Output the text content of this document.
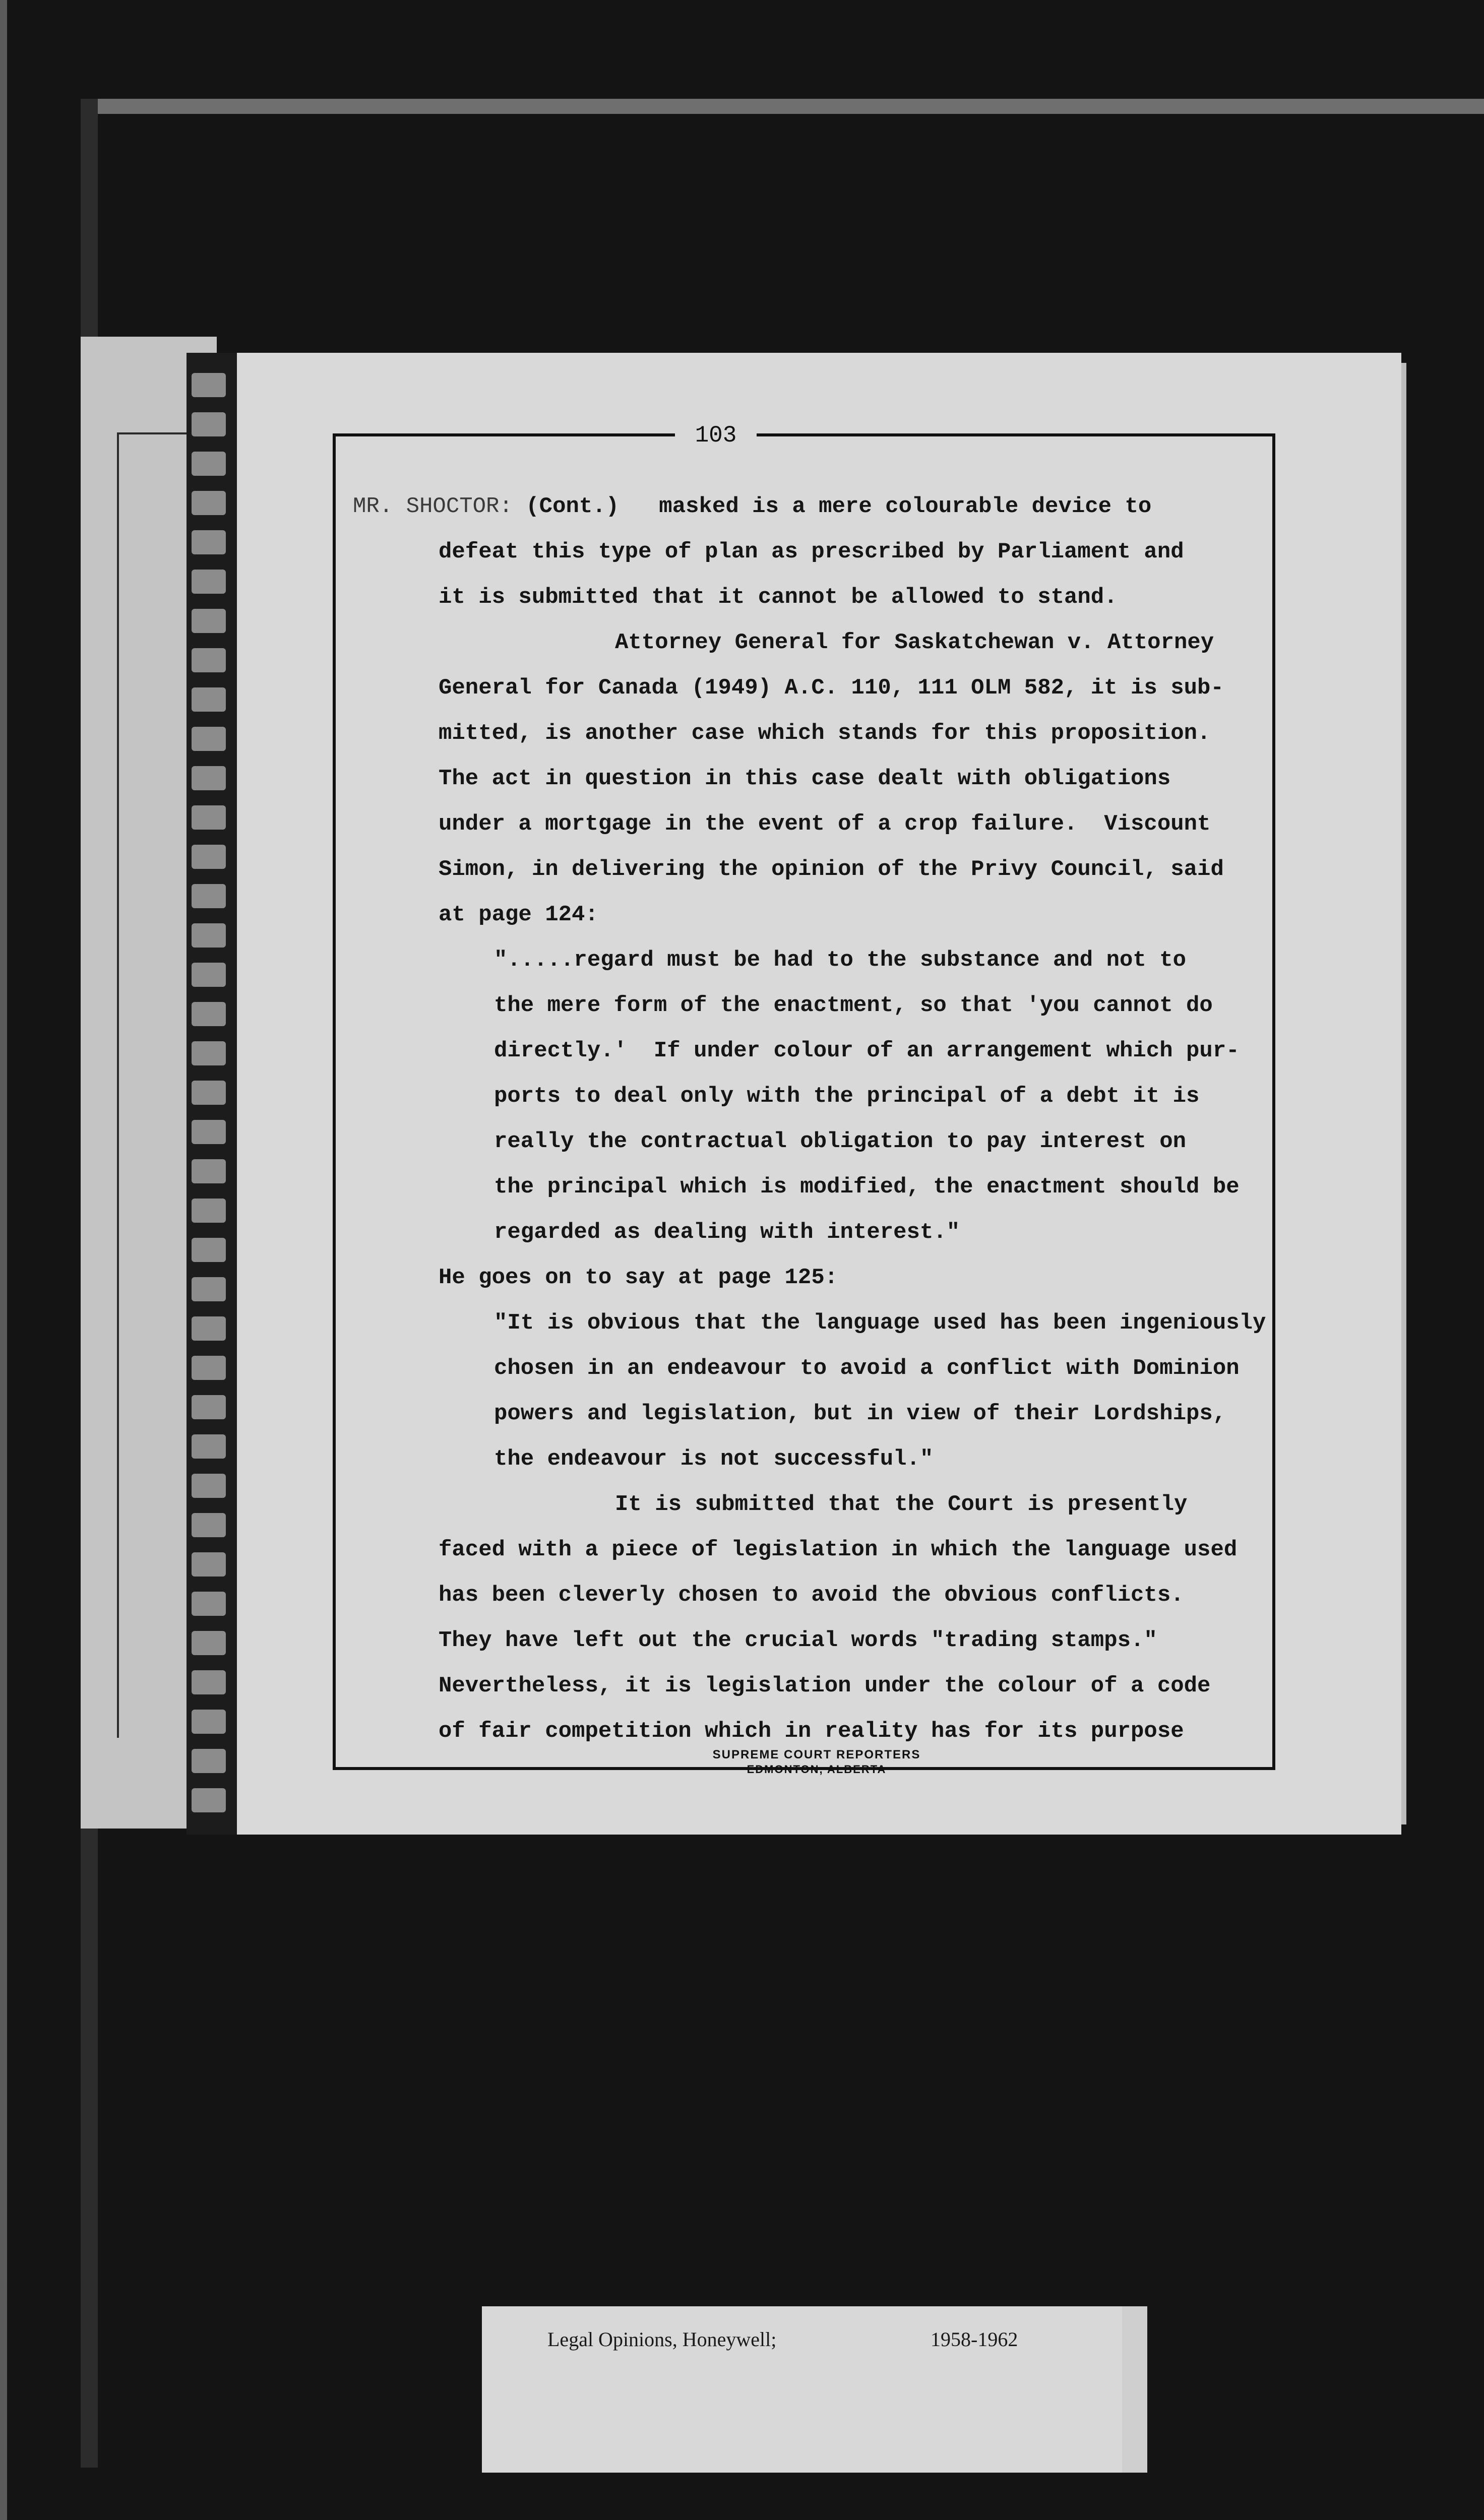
103
MR. SHOCTOR: (Cont.)   masked is a mere colourable device to
defeat this type of plan as prescribed by Parliament and
it is submitted that it cannot be allowed to stand.
Attorney General for Saskatchewan v. Attorney
General for Canada (1949) A.C. 110, 111 OLM 582, it is sub-
mitted, is another case which stands for this proposition.
The act in question in this case dealt with obligations
under a mortgage in the event of a crop failure.  Viscount
Simon, in delivering the opinion of the Privy Council, said
at page 124:
".....regard must be had to the substance and not to
the mere form of the enactment, so that 'you cannot do
directly.'  If under colour of an arrangement which pur-
ports to deal only with the principal of a debt it is
really the contractual obligation to pay interest on
the principal which is modified, the enactment should be
regarded as dealing with interest."
He goes on to say at page 125:
"It is obvious that the language used has been ingeniously
chosen in an endeavour to avoid a conflict with Dominion
powers and legislation, but in view of their Lordships,
the endeavour is not successful."
It is submitted that the Court is presently
faced with a piece of legislation in which the language used
has been cleverly chosen to avoid the obvious conflicts.
They have left out the crucial words "trading stamps."
Nevertheless, it is legislation under the colour of a code
of fair competition which in reality has for its purpose
SUPREME COURT REPORTERS
EDMONTON, ALBERTA
Legal Opinions, Honeywell;	1958-1962
